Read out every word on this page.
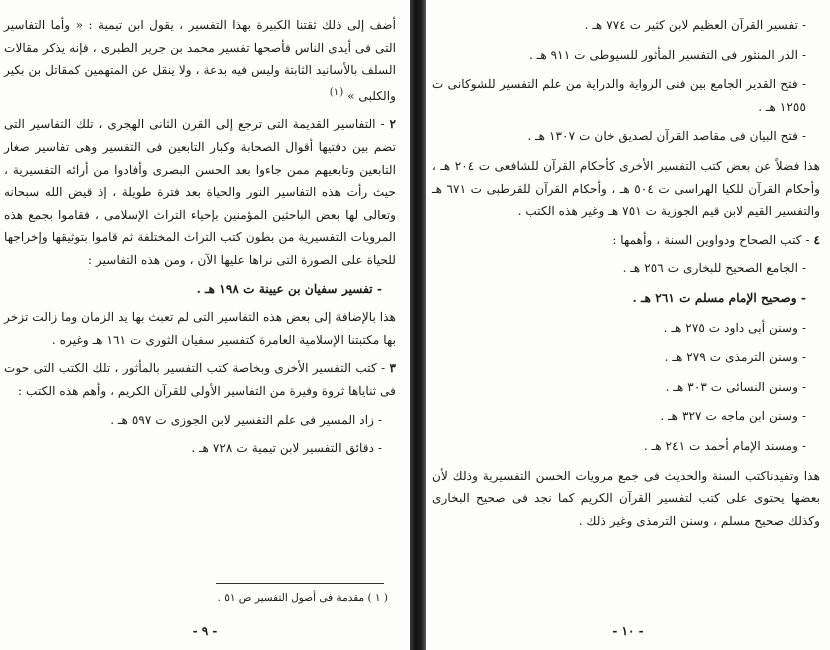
أضف إلى ذلك ثقتنا الكبيرة بهذا التفسير ، يقول ابن تيمية : « وأما التفاسير التى فى أيدى الناس فأصحها تفسير محمد بن جرير الطبرى ، فإنه يذكر مقالات السلف بالأسانيد الثابتة وليس فيه بدعة ، ولا ينقل عن المتهمين كمقاتل بن بكير والكلبى » $^{(١)}$

٢ - التفاسير القديمة التى ترجع إلى القرن الثانى الهجرى ، تلك التفاسير التى تضم بين دفتيها أقوال الصحابة وكبار التابعين فى التفسير وهى تفاسير صغار التابعين وتابعيهم ممن جاءوا بعد الحسن البصرى وأفادوا من أرائه التفسيرية ، حيث رأت هذه التفاسير النور والحياة بعد فترة طويلة ، إذ قيض الله سبحانه وتعالى لها بعض الباحثين المؤمنين بإحياء التراث الإسلامى ، فقاموا بجمع هذه المرويات التفسيرية من بطون كتب التراث المختلفة ثم قاموا بتوثيقها وإخراجها للحياة على الصورة التى نراها عليها الآن ، ومن هذه التفاسير :

- تفسير سفيان بن عيينة ت ١٩٨ هـ .

هذا بالإضافة إلى بعض هذه التفاسير التى لم تعبث بها يد الزمان وما زالت تزخر بها مكتبتنا الإسلامية العامرة كتفسير سفيان الثورى ت ١٦١ هـ وغيره .

٣ - كتب التفسير الأخرى وبخاصة كتب التفسير بالمأثور ، تلك الكتب التى حوت فى ثناياها ثروة وفيرة من التفاسير الأولى للقرآن الكريم ، وأهم هذه الكتب :

- زاد المسير فى علم التفسير لابن الجوزى ت ٥٩٧ هـ .

- دقائق التفسير لابن تيمية ت ٧٢٨ هـ .

( ١ ) مقدمة فى أصول التفسير ص ٥١ .

- ٩ -

- تفسير القرآن العظيم لابن كثير ت ٧٧٤ هـ .

- الدر المنثور فى التفسير المأثور للسيوطى ت ٩١١ هـ .

- فتح القدير الجامع بين فنى الرواية والدراية من علم التفسير للشوكانى ت ١٢٥٥ هـ .

- فتح البيان فى مقاصد القرآن لصديق خان ت ١٣٠٧ هـ .

هذا فضلاً عن بعض كتب التفسير الأخرى كأحكام القرآن للشافعى ت ٢٠٤ هـ ، وأحكام القرآن للكيا الهراسى ت ٥٠٤ هـ ، وأحكام القرآن للقرطبى ت ٦٧١ هـ والتفسير القيم لابن قيم الجوزية ت ٧٥١ هـ وغير هذه الكتب .

٤ - كتب الصحاح ودواوين السنة ، وأهمها :

- الجامع الصحيح للبخارى ت ٢٥٦ هـ .

- وصحيح الإمام مسلم ت ٢٦١ هـ .

- وسنن أبى داود ت ٢٧٥ هـ .

- وسنن الترمذى ت ٢٧٩ هـ .

- وسنن النسائى ت ٣٠٣ هـ .

- وسنن ابن ماجه ت ٣٢٧ هـ .

- ومسند الإمام أحمد ت ٢٤١ هـ .

هذا وتفيدناكتب السنة والحديث فى جمع مرويات الحسن التفسيرية وذلك لأن بعضها يحتوى على كتب لتفسير القرآن الكريم كما نجد فى صحيح البخارى وكذلك صحيح مسلم ، وسنن الترمذى وغير ذلك .

- ١٠ -
